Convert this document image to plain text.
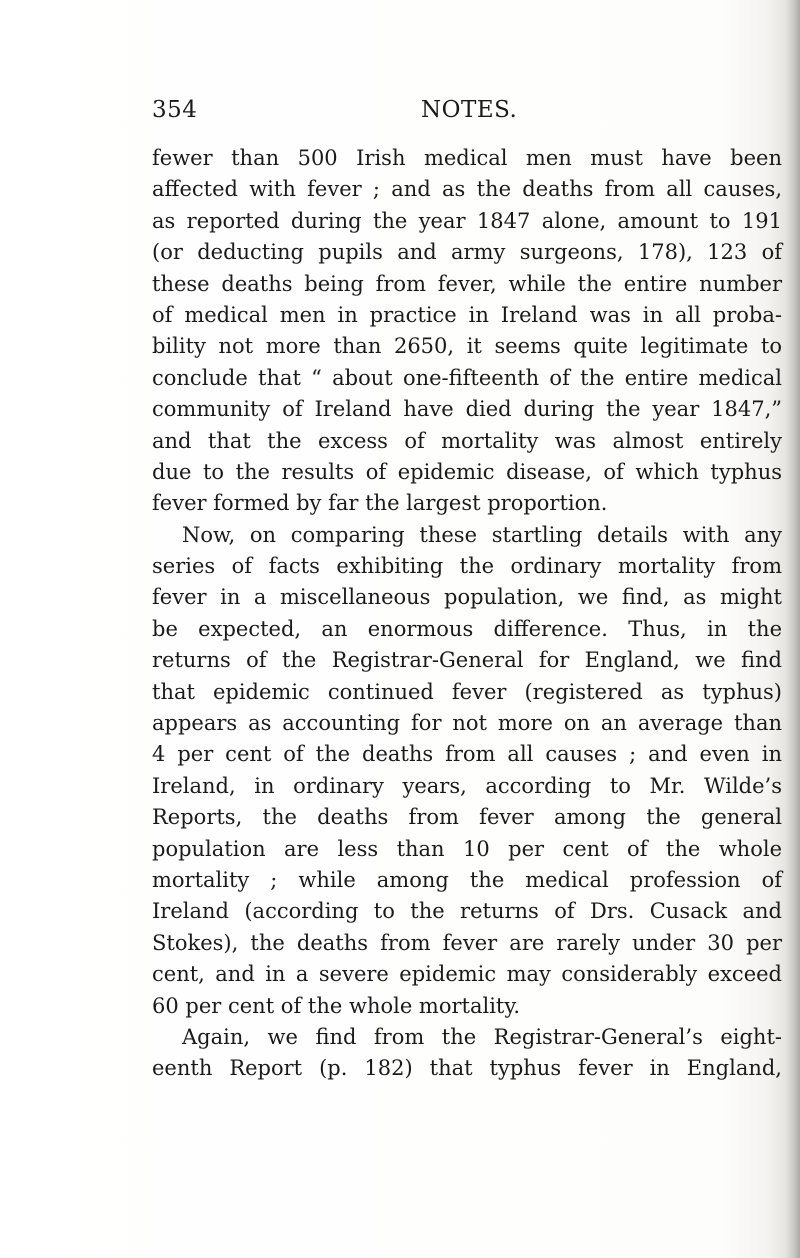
354	NOTES.
fewer than 500 Irish medical men must have been
affected with fever ; and as the deaths from all causes,
as reported during the year 1847 alone, amount to 191
(or deducting pupils and army surgeons, 178), 123 of
these deaths being from fever, while the entire number
of medical men in practice in Ireland was in all proba-
bility not more than 2650, it seems quite legitimate to
conclude that “ about one-fifteenth of the entire medical
community of Ireland have died during the year 1847,”
and that the excess of mortality was almost entirely
due to the results of epidemic disease, of which typhus
fever formed by far the largest proportion.
Now, on comparing these startling details with any
series of facts exhibiting the ordinary mortality from
fever in a miscellaneous population, we find, as might
be expected, an enormous difference. Thus, in the
returns of the Registrar-General for England, we find
that epidemic continued fever (registered as typhus)
appears as accounting for not more on an average than
4 per cent of the deaths from all causes ; and even in
Ireland, in ordinary years, according to Mr. Wilde’s
Reports, the deaths from fever among the general
population are less than 10 per cent of the whole
mortality ; while among the medical profession of
Ireland (according to the returns of Drs. Cusack and
Stokes), the deaths from fever are rarely under 30 per
cent, and in a severe epidemic may considerably exceed
60 per cent of the whole mortality.
Again, we find from the Registrar-General’s eight-
eenth Report (p. 182) that typhus fever in England,
